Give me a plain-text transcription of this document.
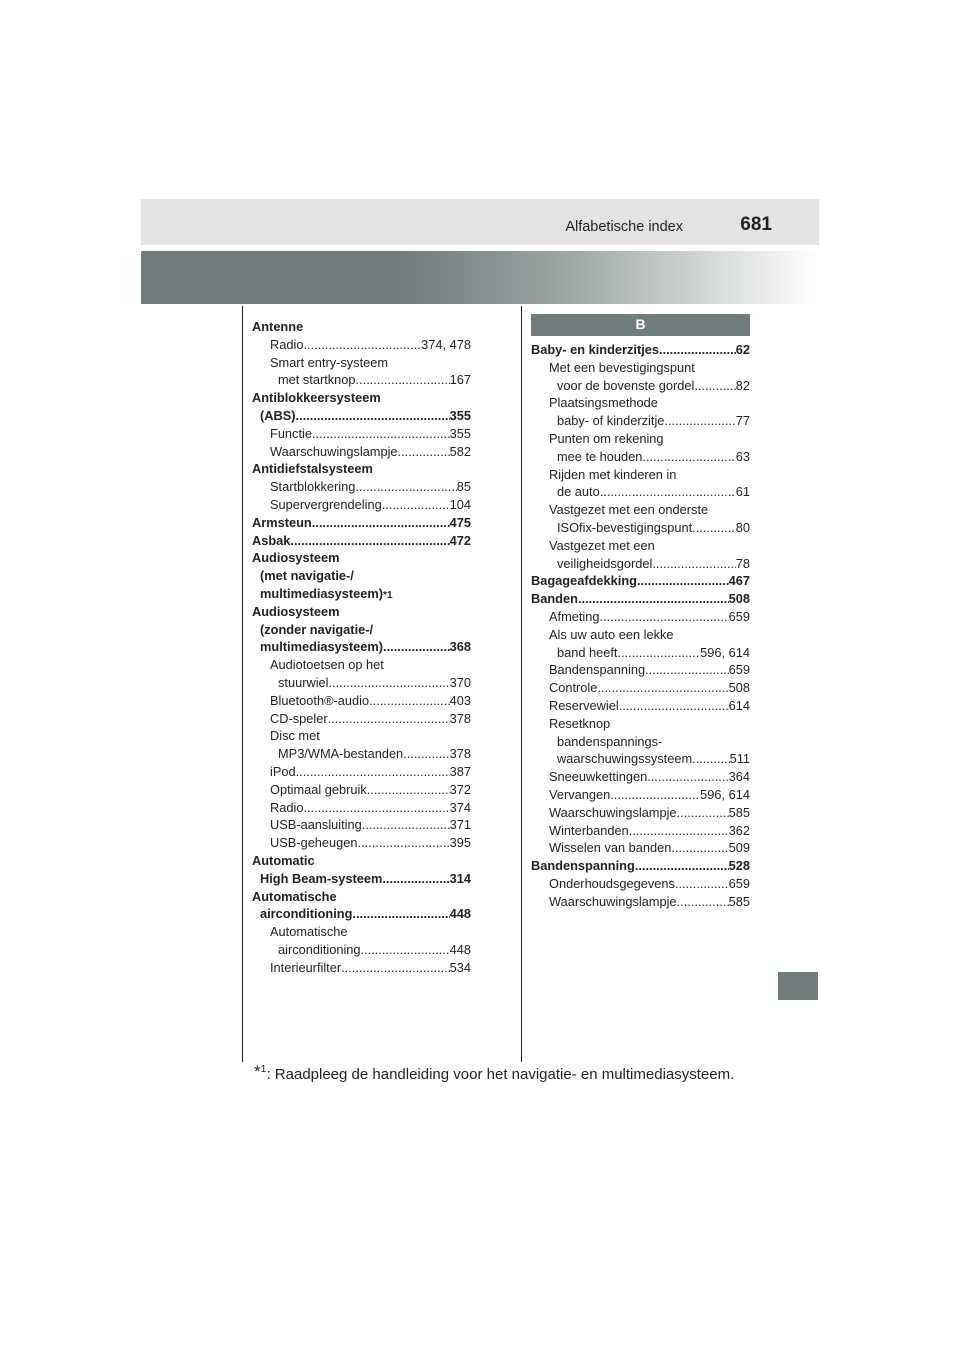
Alfabetische index	681
Antenne
Radio .....	374, 478
Smart entry-systeem
met startknop .....	167
Antiblokkeersysteem
(ABS) .....	355
Functie .....	355
Waarschuwingslampje .....	582
Antidiefstalsysteem
Startblokkering .....	85
Supervergrendeling .....	104
Armsteun .....	475
Asbak .....	472
Audiosysteem
(met navigatie-/
multimediasysteem) *1
Audiosysteem
(zonder navigatie-/
multimediasysteem) .....	368
Audiotoetsen op het
stuurwiel .....	370
Bluetooth®-audio .....	403
CD-speler .....	378
Disc met
MP3/WMA-bestanden .....	378
iPod .....	387
Optimaal gebruik .....	372
Radio .....	374
USB-aansluiting .....	371
USB-geheugen .....	395
Automatic
High Beam-systeem .....	314
Automatische
airconditioning .....	448
Automatische
airconditioning .....	448
Interieurfilter .....	534
B
Baby- en kinderzitjes .....	62
Met een bevestigingspunt
voor de bovenste gordel .....	82
Plaatsingsmethode
baby- of kinderzitje .....	77
Punten om rekening
mee te houden .....	63
Rijden met kinderen in
de auto .....	61
Vastgezet met een onderste
ISOfix-bevestigingspunt .....	80
Vastgezet met een
veiligheidsgordel .....	78
Bagageafdekking .....	467
Banden .....	508
Afmeting .....	659
Als uw auto een lekke
band heeft .....	596, 614
Bandenspanning .....	659
Controle .....	508
Reservewiel .....	614
Resetknop
bandenspannings-
waarschuwingssysteem .....	511
Sneeuwkettingen .....	364
Vervangen .....	596, 614
Waarschuwingslampje .....	585
Winterbanden .....	362
Wisselen van banden .....	509
Bandenspanning .....	528
Onderhoudsgegevens .....	659
Waarschuwingslampje .....	585
*$^1$: Raadpleeg de handleiding voor het navigatie- en multimediasysteem.
